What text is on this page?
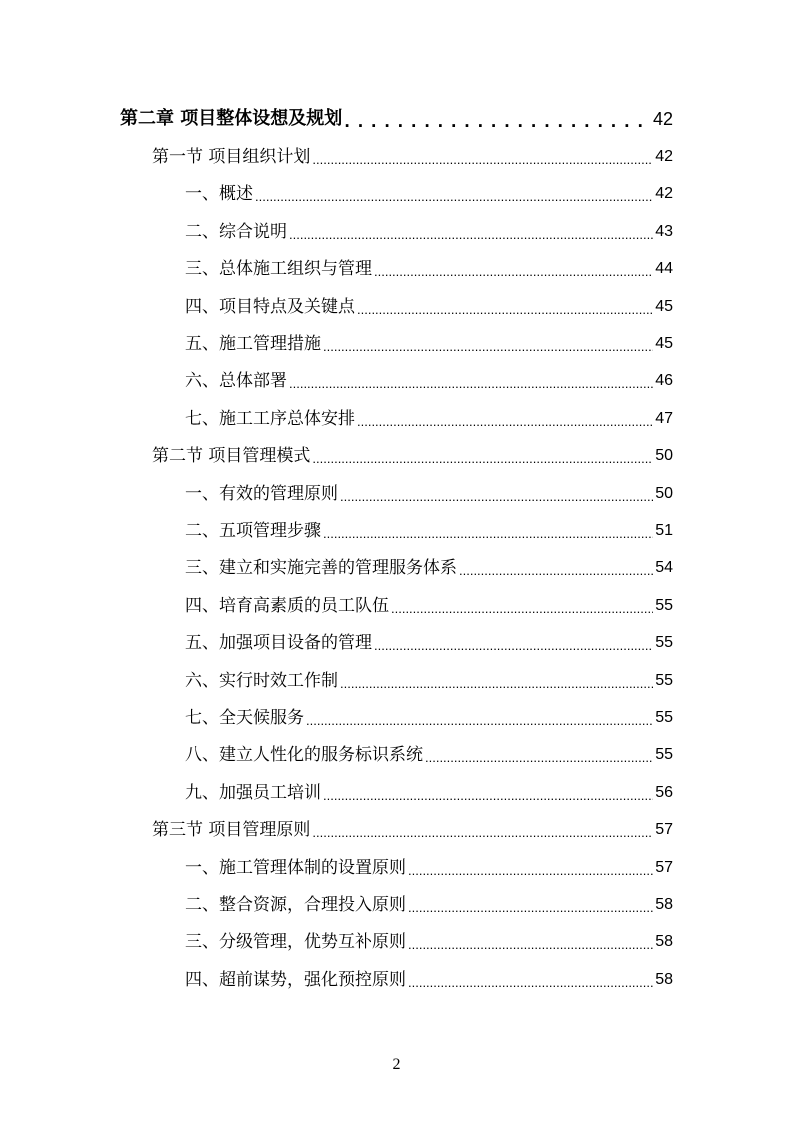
第二章 项目整体设想及规划 . . .	42
第一节 项目组织计划 .....	42
一、概述 .....	42
二、综合说明 .....	43
三、总体施工组织与管理 .....	44
四、项目特点及关键点 .....	45
五、施工管理措施 .....	45
六、总体部署 .....	46
七、施工工序总体安排 .....	47
第二节 项目管理模式 .....	50
一、有效的管理原则 .....	50
二、五项管理步骤 .....	51
三、建立和实施完善的管理服务体系 .....	54
四、培育高素质的员工队伍 .....	55
五、加强项目设备的管理 .....	55
六、实行时效工作制 .....	55
七、全天候服务 .....	55
八、建立人性化的服务标识系统 .....	55
九、加强员工培训 .....	56
第三节 项目管理原则 .....	57
一、施工管理体制的设置原则 .....	57
二、整合资源，合理投入原则 .....	58
三、分级管理，优势互补原则 .....	58
四、超前谋势，强化预控原则 .....	58
2
